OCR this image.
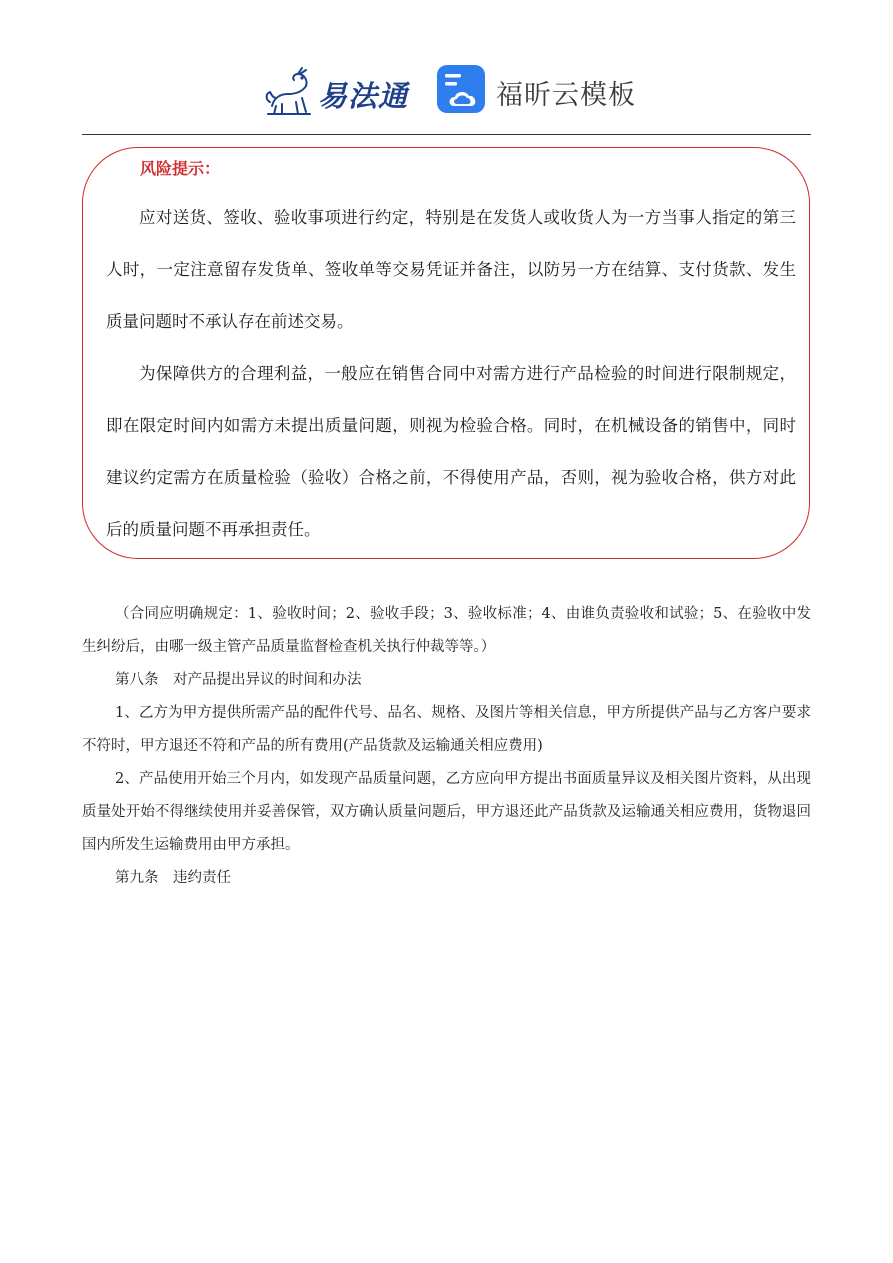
易法通	福昕云模板
风险提示：

应对送货、签收、验收事项进行约定，特别是在发货人或收货人为一方当事人指定的第三人时，一定注意留存发货单、签收单等交易凭证并备注，以防另一方在结算、支付货款、发生质量问题时不承认存在前述交易。

为保障供方的合理利益，一般应在销售合同中对需方进行产品检验的时间进行限制规定，即在限定时间内如需方未提出质量问题，则视为检验合格。同时，在机械设备的销售中，同时建议约定需方在质量检验（验收）合格之前，不得使用产品，否则，视为验收合格，供方对此后的质量问题不再承担责任。

（合同应明确规定：1、验收时间；2、验收手段；3、验收标准；4、由谁负责验收和试验；5、在验收中发生纠纷后，由哪一级主管产品质量监督检查机关执行仲裁等等。）

第八条　对产品提出异议的时间和办法

1、乙方为甲方提供所需产品的配件代号、品名、规格、及图片等相关信息，甲方所提供产品与乙方客户要求不符时，甲方退还不符和产品的所有费用(产品货款及运输通关相应费用)

2、产品使用开始三个月内，如发现产品质量问题，乙方应向甲方提出书面质量异议及相关图片资料，从出现质量处开始不得继续使用并妥善保管，双方确认质量问题后，甲方退还此产品货款及运输通关相应费用，货物退回国内所发生运输费用由甲方承担。

第九条　违约责任
